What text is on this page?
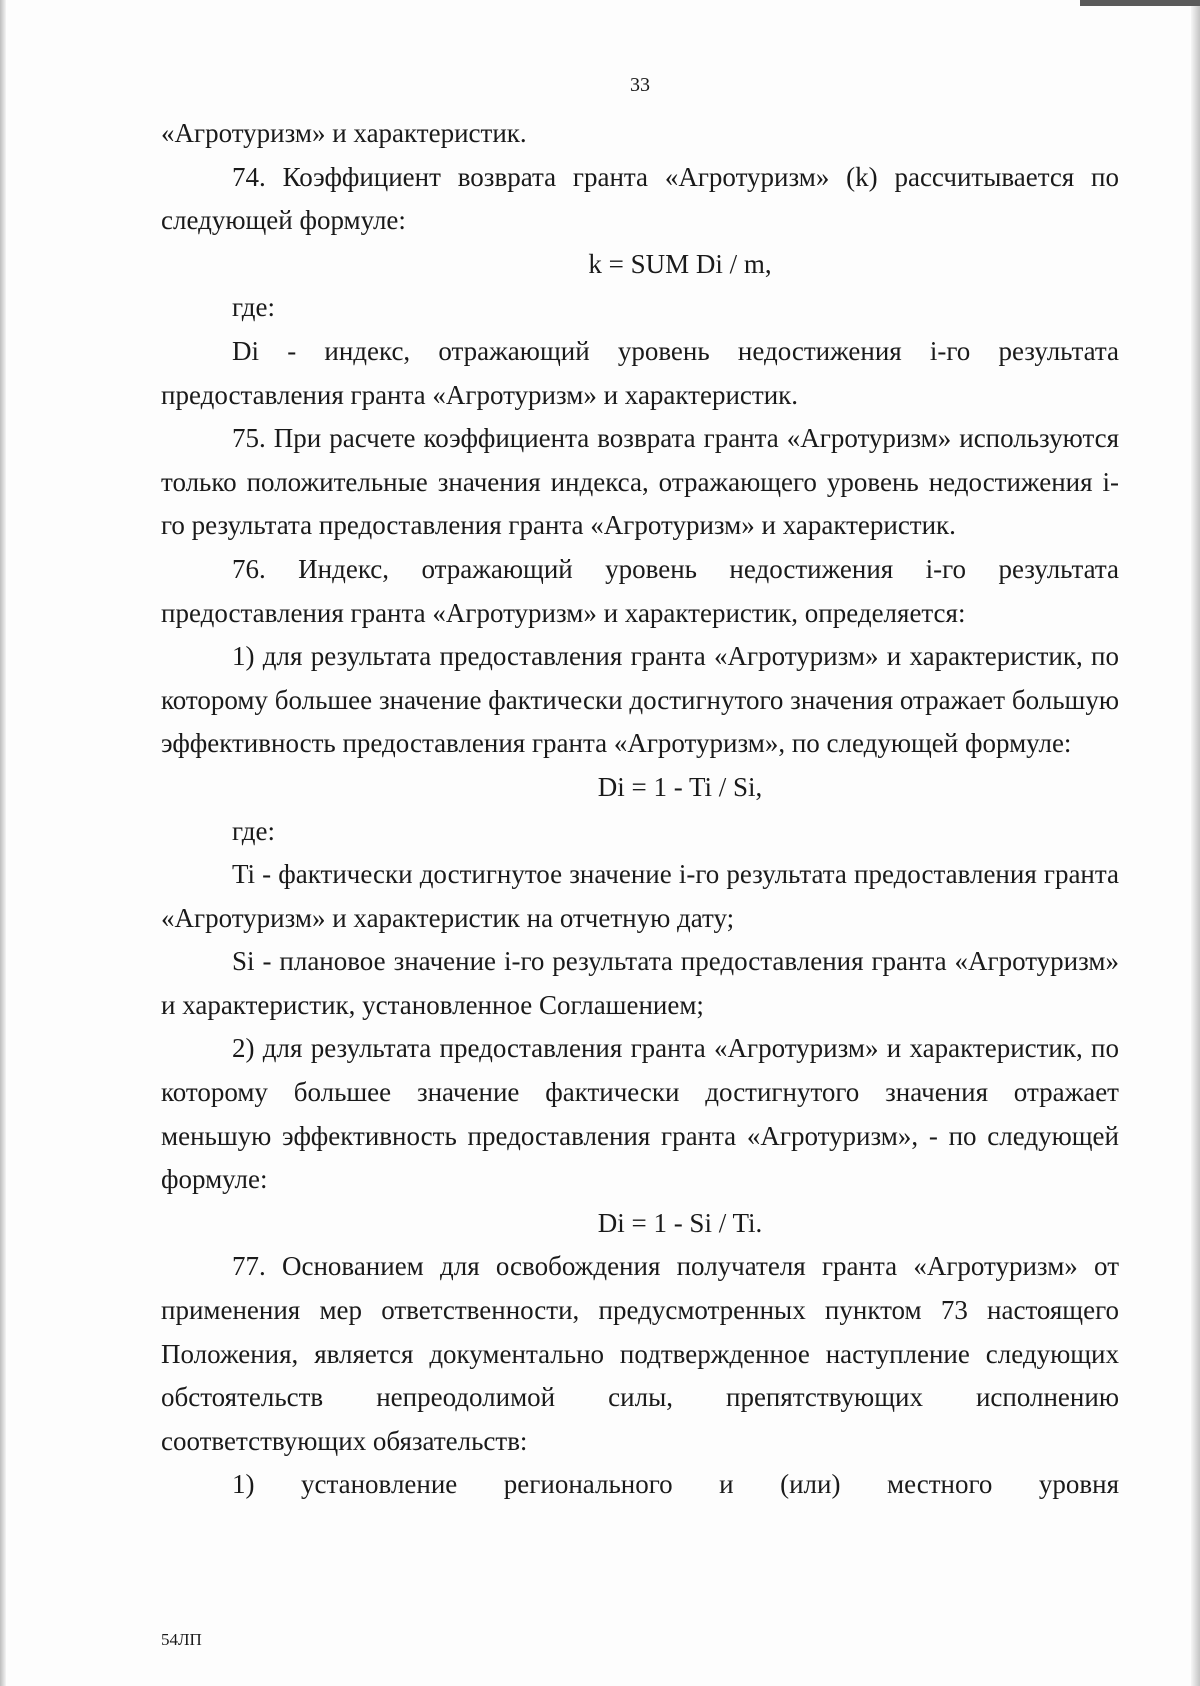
33

«Агротуризм» и характеристик.

74. Коэффициент возврата гранта «Агротуризм» (k) рассчитывается по следующей формуле:

k = SUM Di / m,

где:

Di - индекс, отражающий уровень недостижения i-го результата предоставления гранта «Агротуризм» и характеристик.

75. При расчете коэффициента возврата гранта «Агротуризм» используются только положительные значения индекса, отражающего уровень недостижения i-го результата предоставления гранта «Агротуризм» и характеристик.

76. Индекс, отражающий уровень недостижения i-го результата предоставления гранта «Агротуризм» и характеристик, определяется:

1) для результата предоставления гранта «Агротуризм» и характеристик, по которому большее значение фактически достигнутого значения отражает большую эффективность предоставления гранта «Агротуризм», по следующей формуле:

Di = 1 - Ti / Si,

где:

Ti - фактически достигнутое значение i-го результата предоставления гранта «Агротуризм» и характеристик на отчетную дату;

Si - плановое значение i-го результата предоставления гранта «Агротуризм» и характеристик, установленное Соглашением;

2) для результата предоставления гранта «Агротуризм» и характеристик, по которому большее значение фактически достигнутого значения отражает меньшую эффективность предоставления гранта «Агротуризм», - по следующей формуле:

Di = 1 - Si / Ti.

77. Основанием для освобождения получателя гранта «Агротуризм» от применения мер ответственности, предусмотренных пунктом 73 настоящего Положения, является документально подтвержденное наступление следующих обстоятельств непреодолимой силы, препятствующих исполнению соответствующих обязательств:

1) установление регионального и (или) местного уровня

54ЛП
